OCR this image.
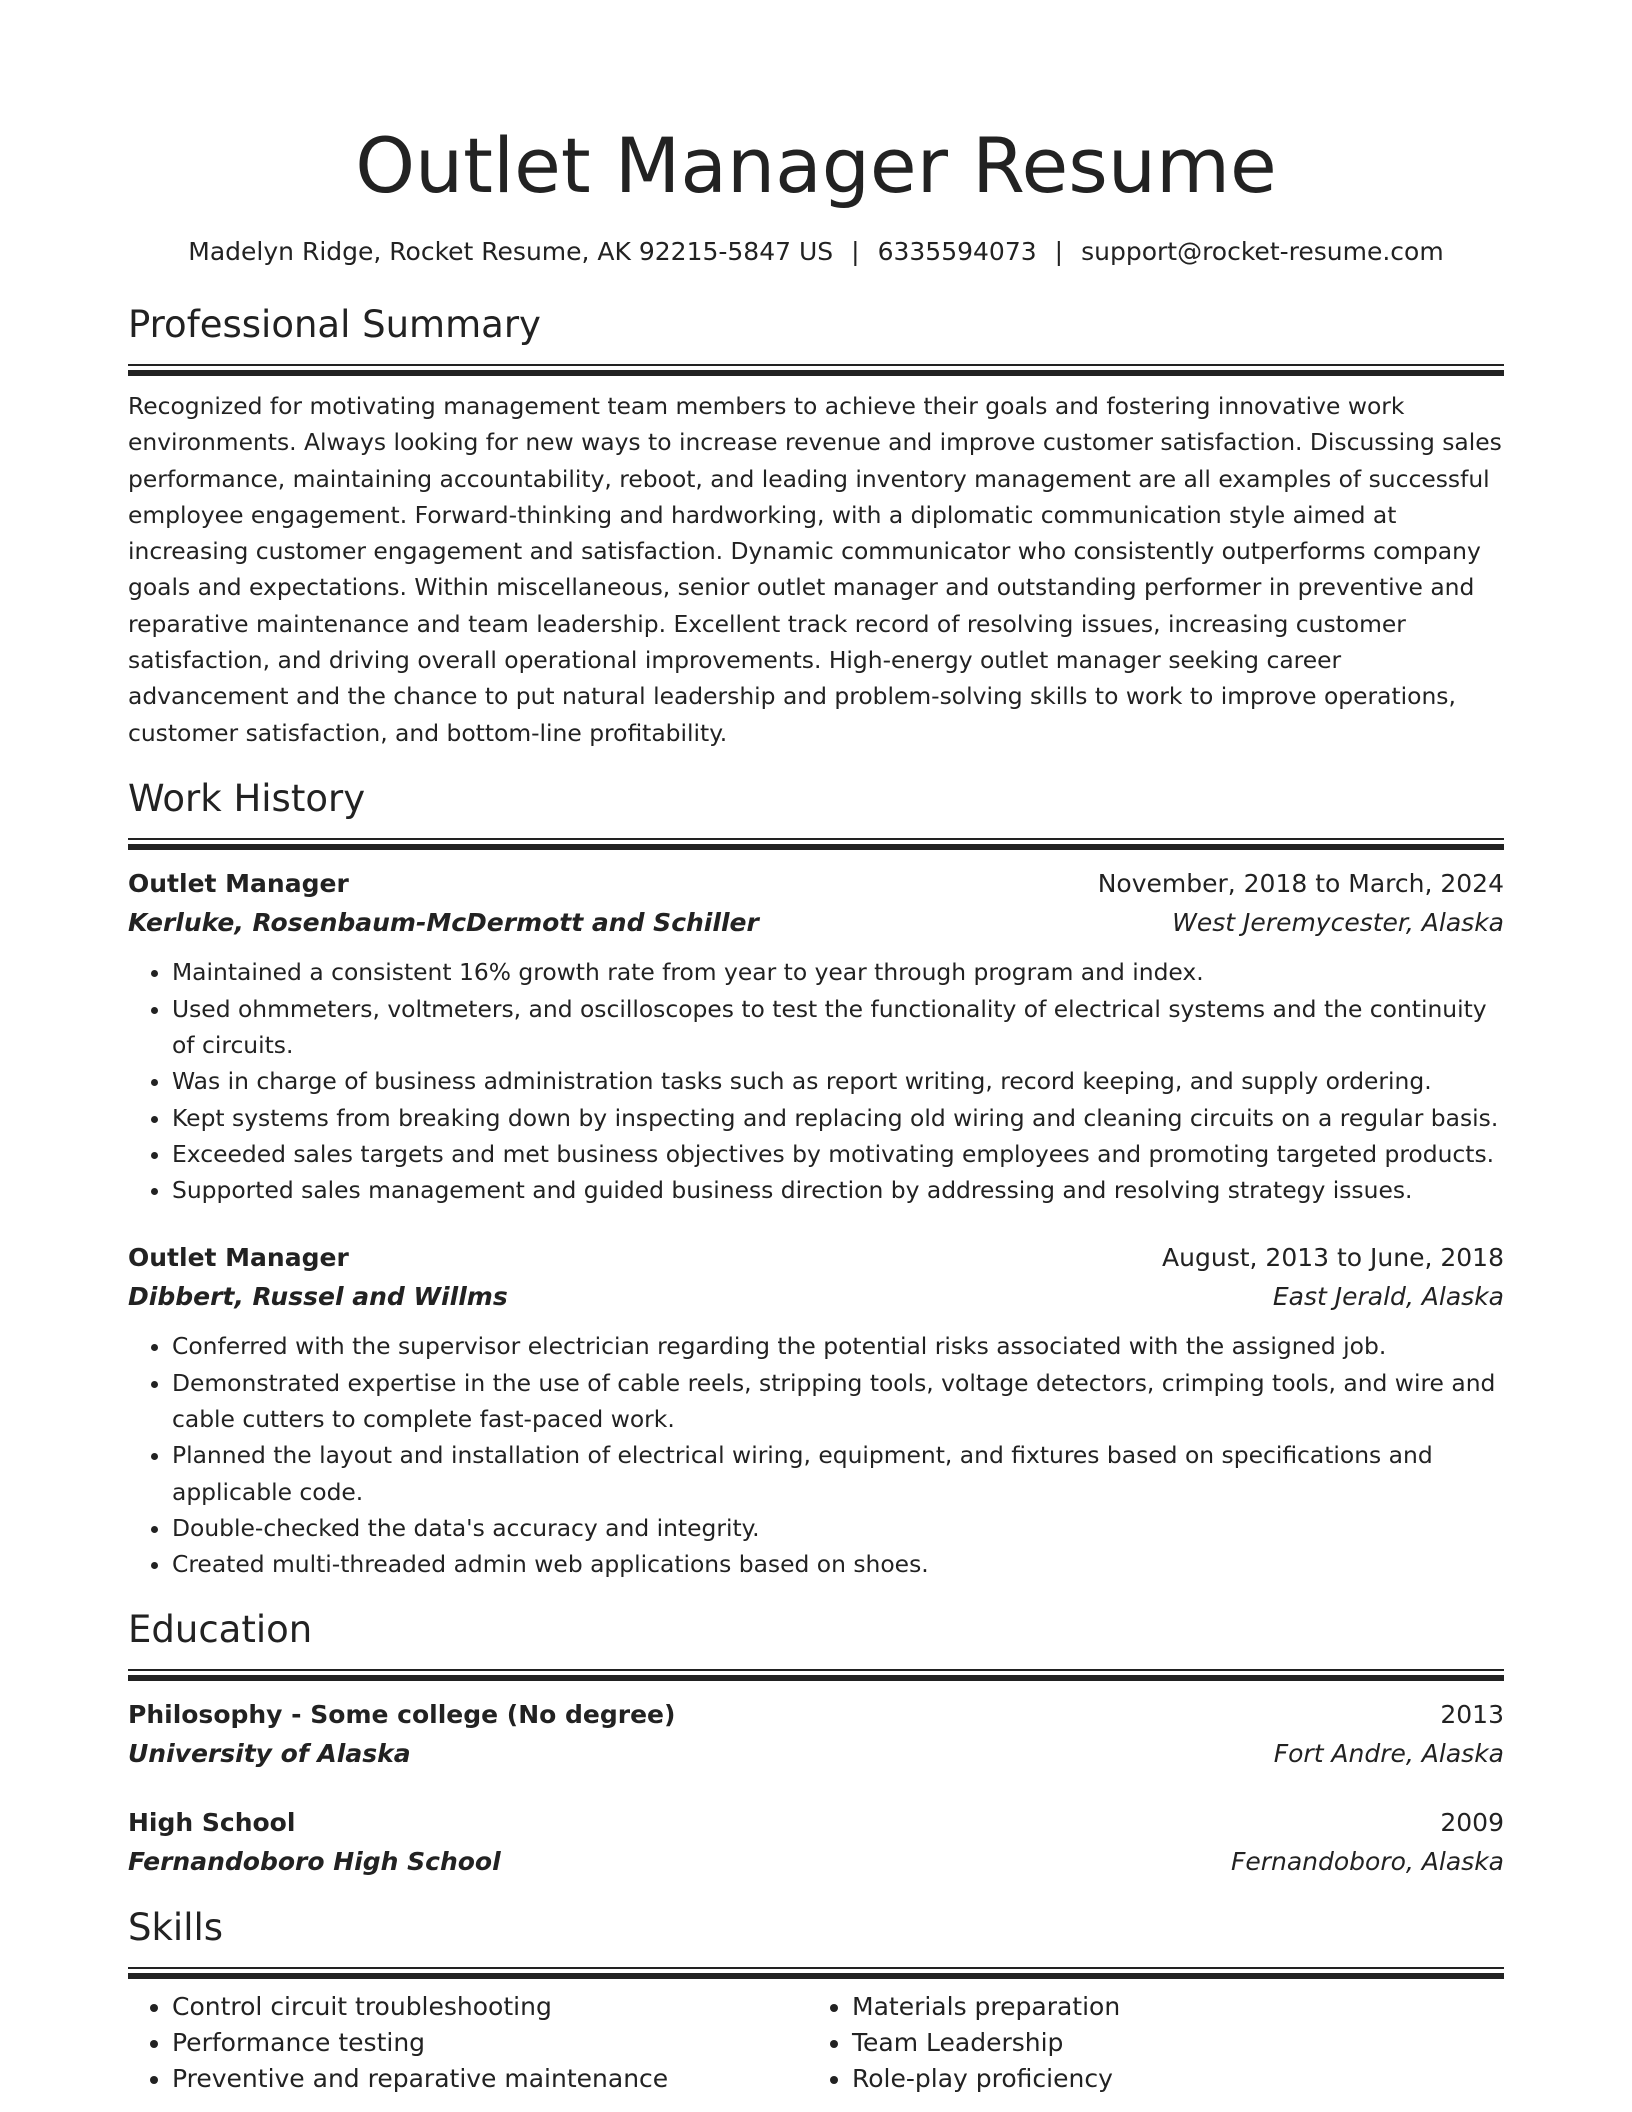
Outlet Manager Resume
Madelyn Ridge, Rocket Resume, AK 92215-5847 US | 6335594073 | support@rocket-resume.com
Professional Summary

Recognized for motivating management team members to achieve their goals and fostering innovative work environments. Always looking for new ways to increase revenue and improve customer satisfaction. Discussing sales performance, maintaining accountability, reboot, and leading inventory management are all examples of successful employee engagement. Forward-thinking and hardworking, with a diplomatic communication style aimed at increasing customer engagement and satisfaction. Dynamic communicator who consistently outperforms company goals and expectations. Within miscellaneous, senior outlet manager and outstanding performer in preventive and reparative maintenance and team leadership. Excellent track record of resolving issues, increasing customer satisfaction, and driving overall operational improvements. High-energy outlet manager seeking career advancement and the chance to put natural leadership and problem-solving skills to work to improve operations, customer satisfaction, and bottom-line profitability.

Work History
Outlet Manager	November, 2018 to March, 2024
Kerluke, Rosenbaum-McDermott and Schiller	West Jeremycester, Alaska
• Maintained a consistent 16% growth rate from year to year through program and index.
• Used ohmmeters, voltmeters, and oscilloscopes to test the functionality of electrical systems and the continuity of circuits.
• Was in charge of business administration tasks such as report writing, record keeping, and supply ordering.
• Kept systems from breaking down by inspecting and replacing old wiring and cleaning circuits on a regular basis.
• Exceeded sales targets and met business objectives by motivating employees and promoting targeted products.
• Supported sales management and guided business direction by addressing and resolving strategy issues.
Outlet Manager	August, 2013 to June, 2018
Dibbert, Russel and Willms	East Jerald, Alaska
• Conferred with the supervisor electrician regarding the potential risks associated with the assigned job.
• Demonstrated expertise in the use of cable reels, stripping tools, voltage detectors, crimping tools, and wire and cable cutters to complete fast-paced work.
• Planned the layout and installation of electrical wiring, equipment, and fixtures based on specifications and applicable code.
• Double-checked the data's accuracy and integrity.
• Created multi-threaded admin web applications based on shoes.
Education
Philosophy - Some college (No degree)	2013
University of Alaska	Fort Andre, Alaska
High School	2009
Fernandoboro High School	Fernandoboro, Alaska
Skills
• Control circuit troubleshooting
• Performance testing
• Preventive and reparative maintenance
• Materials preparation
• Team Leadership
• Role-play proficiency
